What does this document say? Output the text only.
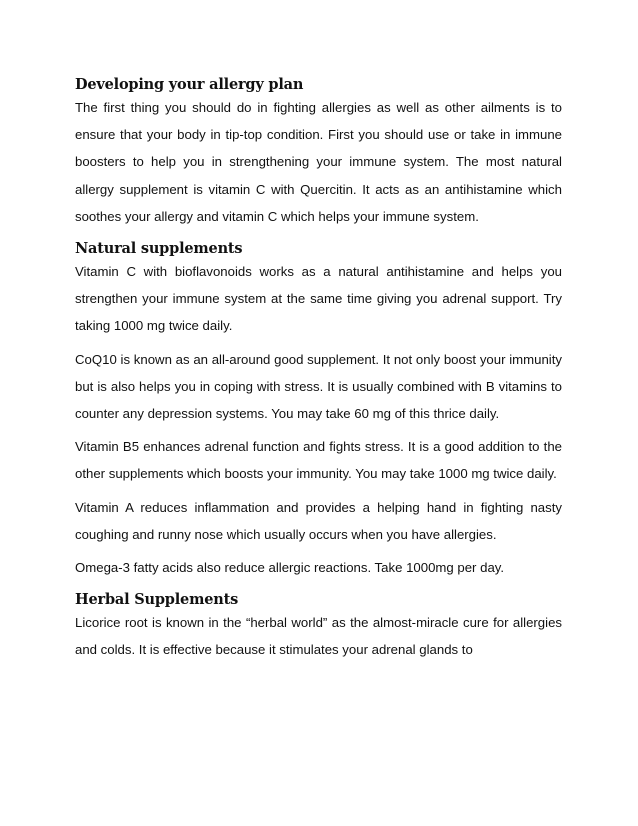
Developing your allergy plan

The first thing you should do in fighting allergies as well as other ailments is to ensure that your body in tip-top condition. First you should use or take in immune boosters to help you in strengthening your immune system. The most natural allergy supplement is vitamin C with Quercitin. It acts as an antihistamine which soothes your allergy and vitamin C which helps your immune system.

Natural supplements

Vitamin C with bioflavonoids works as a natural antihistamine and helps you strengthen your immune system at the same time giving you adrenal support. Try taking 1000 mg twice daily.

CoQ10 is known as an all-around good supplement. It not only boost your immunity but is also helps you in coping with stress. It is usually combined with B vitamins to counter any depression systems. You may take 60 mg of this thrice daily.

Vitamin B5 enhances adrenal function and fights stress. It is a good addition to the other supplements which boosts your immunity. You may take 1000 mg twice daily.

Vitamin A reduces inflammation and provides a helping hand in fighting nasty coughing and runny nose which usually occurs when you have allergies.

Omega-3 fatty acids also reduce allergic reactions. Take 1000mg per day.

Herbal Supplements

Licorice root is known in the “herbal world” as the almost-miracle cure for allergies and colds. It is effective because it stimulates your adrenal glands to
